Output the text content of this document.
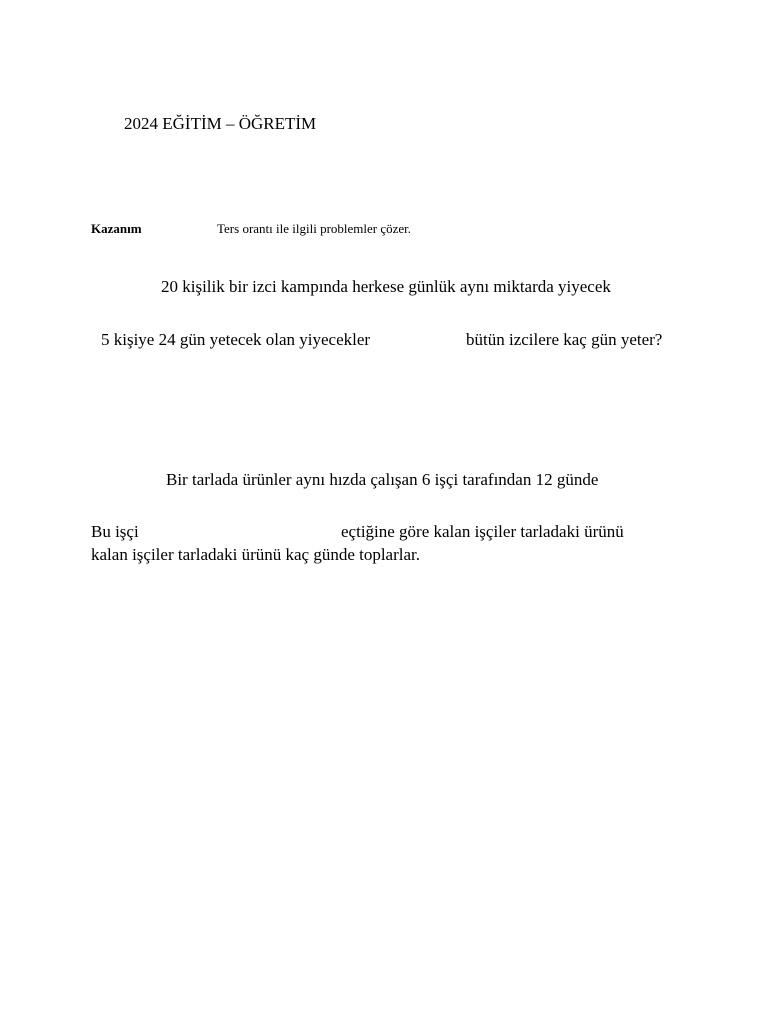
2024 EĞİTİM – ÖĞRETİM
Kazanım	Ters orantı ile ilgili problemler çözer.
20 kişilik bir izci kampında herkese günlük aynı miktarda yiyecek
5 kişiye 24 gün yetecek olan yiyecekler	bütün izcilere kaç gün yeter?
Bir tarlada ürünler aynı hızda çalışan 6 işçi tarafından 12 günde
Bu işçi	eçtiğine göre kalan işçiler tarladaki ürünü
kalan işçiler tarladaki ürünü kaç günde toplarlar.
